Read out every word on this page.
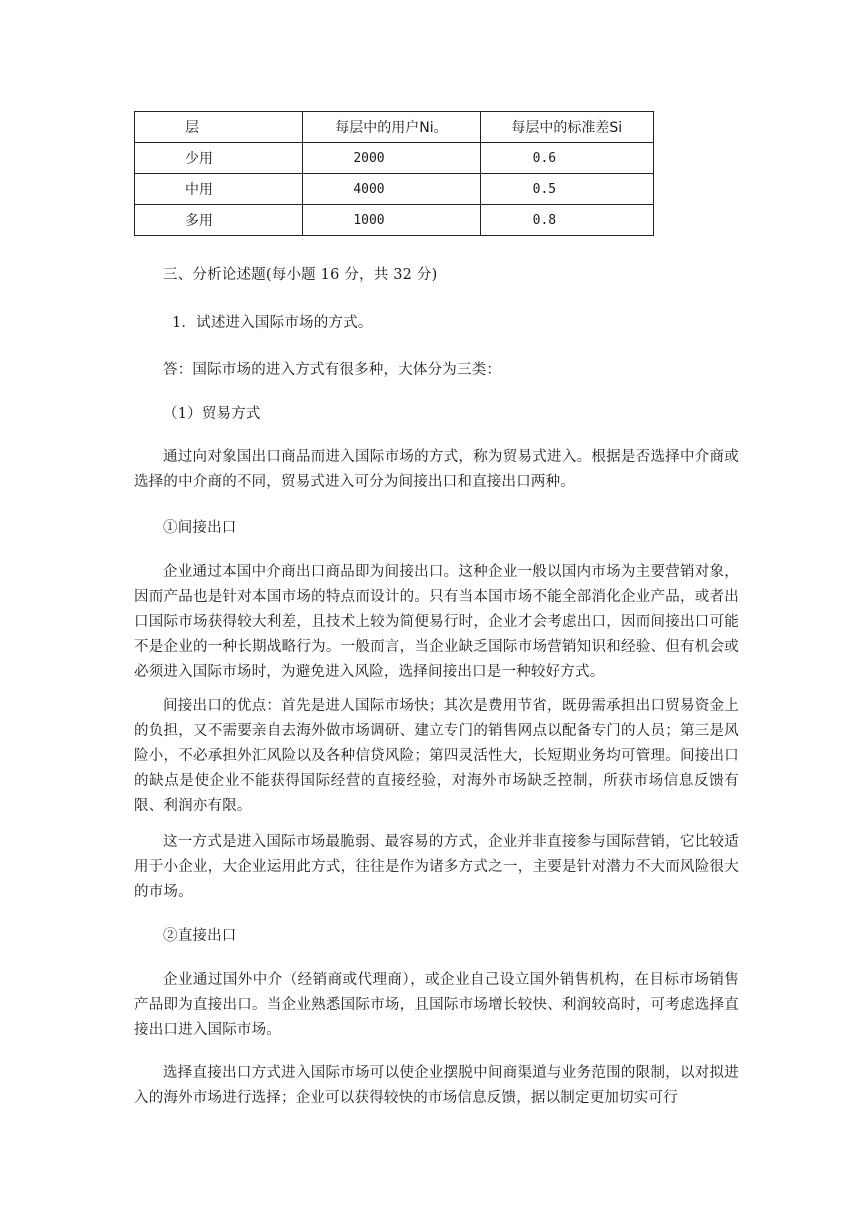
层	每层中的用户Ni。	每层中的标准差Si
少用	2000	0.6
中用	4000	0.5
多用	1000	0.8

三、分析论述题(每小题 16 分，共 32 分)

1．试述进入国际市场的方式。

答：国际市场的进入方式有很多种，大体分为三类：

（1）贸易方式

通过向对象国出口商品而进入国际市场的方式，称为贸易式进入。根据是否选择中介商或选择的中介商的不同，贸易式进入可分为间接出口和直接出口两种。

①间接出口

企业通过本国中介商出口商品即为间接出口。这种企业一般以国内市场为主要营销对象，因而产品也是针对本国市场的特点而设计的。只有当本国市场不能全部消化企业产品，或者出口国际市场获得较大利差，且技术上较为简便易行时，企业才会考虑出口，因而间接出口可能不是企业的一种长期战略行为。一般而言，当企业缺乏国际市场营销知识和经验、但有机会或必须进入国际市场时，为避免进入风险，选择间接出口是一种较好方式。

间接出口的优点：首先是进人国际市场快；其次是费用节省，既毋需承担出口贸易资金上的负担，又不需要亲自去海外做市场调研、建立专门的销售网点以配备专门的人员；第三是风险小，不必承担外汇风险以及各种信贷风险；第四灵活性大，长短期业务均可管理。间接出口的缺点是使企业不能获得国际经营的直接经验，对海外市场缺乏控制，所获市场信息反馈有限、利润亦有限。

这一方式是进入国际市场最脆弱、最容易的方式，企业并非直接参与国际营销，它比较适用于小企业，大企业运用此方式，往往是作为诸多方式之一，主要是针对潜力不大而风险很大的市场。

②直接出口

企业通过国外中介（经销商或代理商），或企业自己设立国外销售机构，在目标市场销售产品即为直接出口。当企业熟悉国际市场，且国际市场增长较快、利润较高时，可考虑选择直接出口进入国际市场。

选择直接出口方式进入国际市场可以使企业摆脱中间商渠道与业务范围的限制，以对拟进入的海外市场进行选择；企业可以获得较快的市场信息反馈，据以制定更加切实可行
